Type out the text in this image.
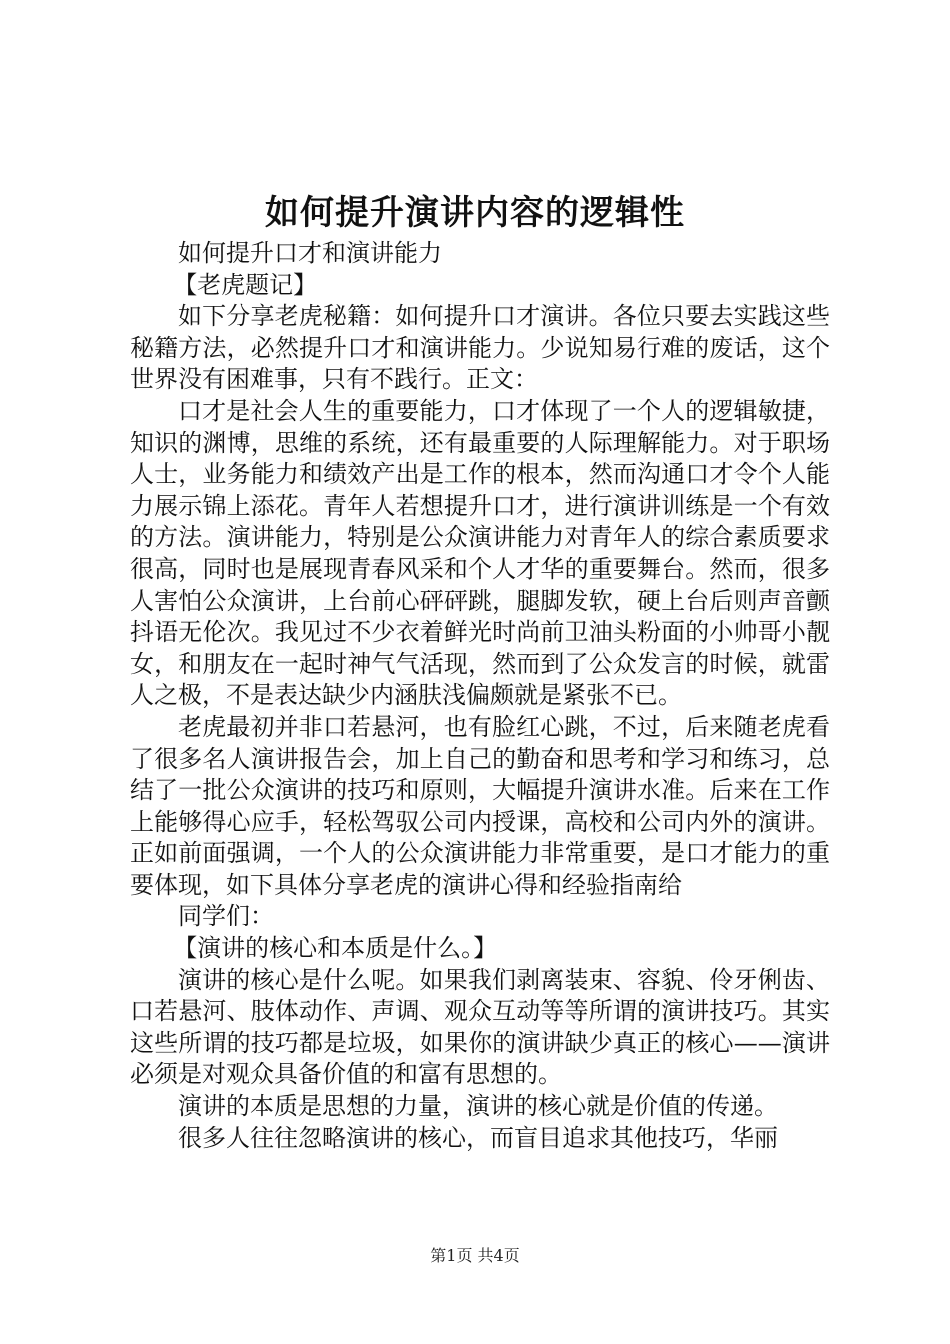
如何提升演讲内容的逻辑性

如何提升口才和演讲能力

【老虎题记】

如下分享老虎秘籍：如何提升口才演讲。各位只要去实践这些秘籍方法，必然提升口才和演讲能力。少说知易行难的废话，这个世界没有困难事，只有不践行。正文：

口才是社会人生的重要能力，口才体现了一个人的逻辑敏捷，知识的渊博，思维的系统，还有最重要的人际理解能力。对于职场人士，业务能力和绩效产出是工作的根本，然而沟通口才令个人能力展示锦上添花。青年人若想提升口才，进行演讲训练是一个有效的方法。演讲能力，特别是公众演讲能力对青年人的综合素质要求很高，同时也是展现青春风采和个人才华的重要舞台。然而，很多人害怕公众演讲，上台前心砰砰跳，腿脚发软，硬上台后则声音颤抖语无伦次。我见过不少衣着鲜光时尚前卫油头粉面的小帅哥小靓女，和朋友在一起时神气气活现，然而到了公众发言的时候，就雷人之极，不是表达缺少内涵肤浅偏颇就是紧张不已。

老虎最初并非口若悬河，也有脸红心跳，不过，后来随老虎看了很多名人演讲报告会，加上自己的勤奋和思考和学习和练习，总结了一批公众演讲的技巧和原则，大幅提升演讲水准。后来在工作上能够得心应手，轻松驾驭公司内授课，高校和公司内外的演讲。正如前面强调，一个人的公众演讲能力非常重要，是口才能力的重要体现，如下具体分享老虎的演讲心得和经验指南给

同学们：

【演讲的核心和本质是什么。】

演讲的核心是什么呢。如果我们剥离装束、容貌、伶牙俐齿、口若悬河、肢体动作、声调、观众互动等等所谓的演讲技巧。其实这些所谓的技巧都是垃圾，如果你的演讲缺少真正的核心——演讲必须是对观众具备价值的和富有思想的。

演讲的本质是思想的力量，演讲的核心就是价值的传递。

很多人往往忽略演讲的核心，而盲目追求其他技巧，华丽

第1页 共4页
